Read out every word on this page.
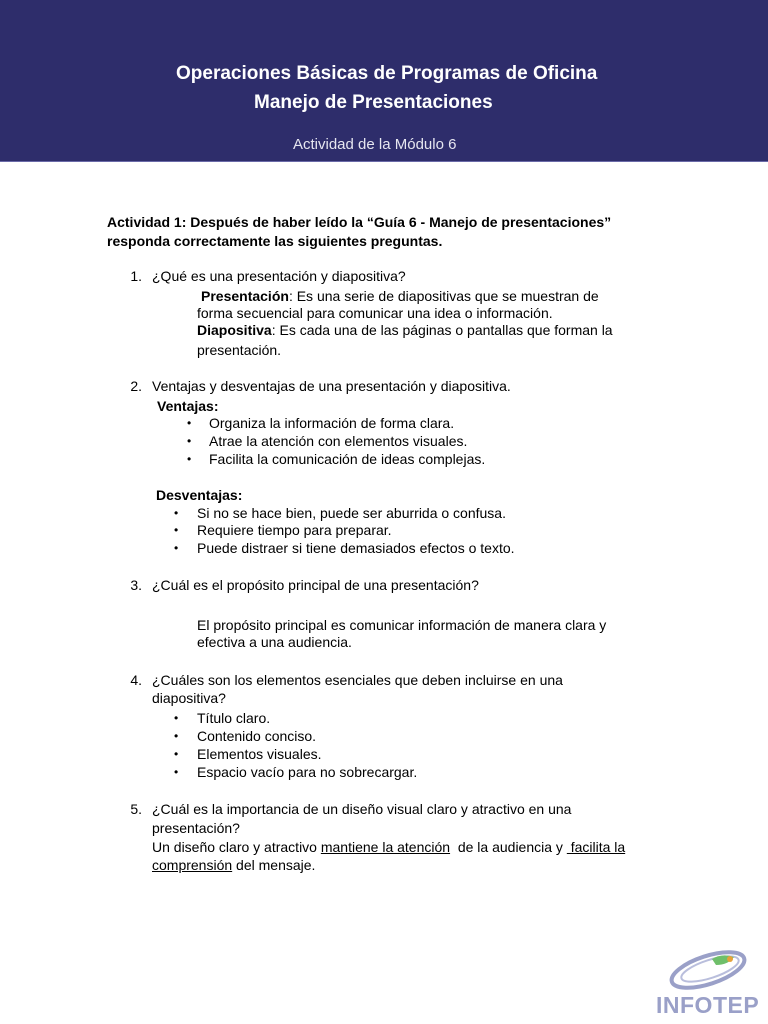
Operaciones Básicas de Programas de Oficina
Manejo de Presentaciones
Actividad de la Módulo 6
Actividad 1: Después de haber leído la “Guía 6 - Manejo de presentaciones”
responda correctamente las siguientes preguntas.
1. ¿Qué es una presentación y diapositiva?
Presentación: Es una serie de diapositivas que se muestran de
forma secuencial para comunicar una idea o información.
Diapositiva: Es cada una de las páginas o pantallas que forman la
presentación.
2. Ventajas y desventajas de una presentación y diapositiva.
Ventajas:
• Organiza la información de forma clara.
• Atrae la atención con elementos visuales.
• Facilita la comunicación de ideas complejas.
Desventajas:
• Si no se hace bien, puede ser aburrida o confusa.
• Requiere tiempo para preparar.
• Puede distraer si tiene demasiados efectos o texto.
3. ¿Cuál es el propósito principal de una presentación?
El propósito principal es comunicar información de manera clara y
efectiva a una audiencia.
4. ¿Cuáles son los elementos esenciales que deben incluirse en una
diapositiva?
• Título claro.
• Contenido conciso.
• Elementos visuales.
• Espacio vacío para no sobrecargar.
5. ¿Cuál es la importancia de un diseño visual claro y atractivo en una
presentación?
Un diseño claro y atractivo mantiene la atención  de la audiencia y  facilita la
comprensión del mensaje.
INFOTEP
